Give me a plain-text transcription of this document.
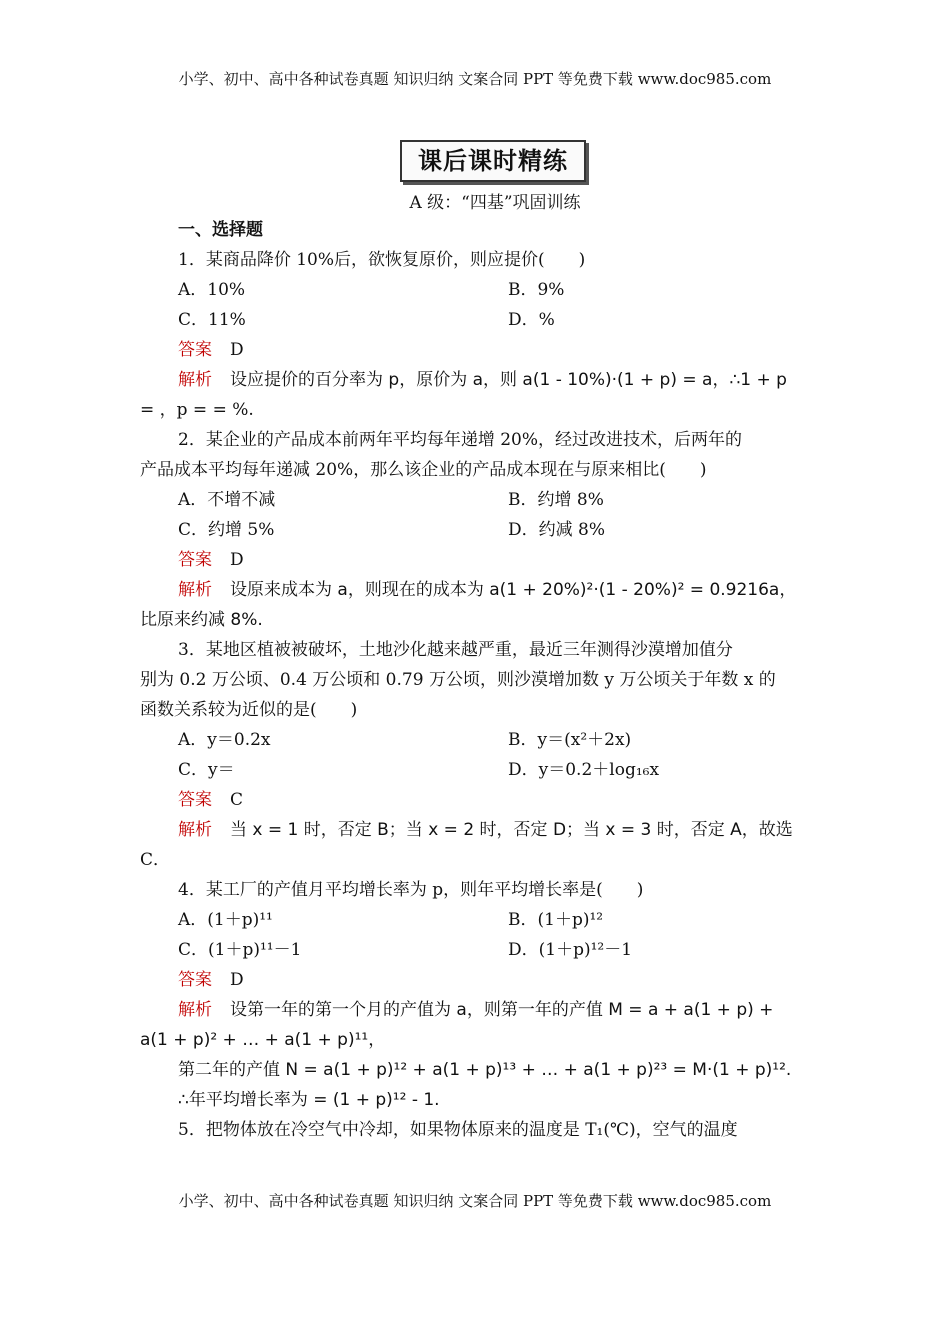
小学、初中、高中各种试卷真题 知识归纳 文案合同 PPT 等免费下载 www.doc985.com
课后课时精练
A 级：“四基”巩固训练
一、选择题
1．某商品降价 10%后，欲恢复原价，则应提价(　　)
A．10%	B．9%
C．11%	D．%
答案 D
解析 设应提价的百分率为 p，原价为 a，则 a(1 - 10%)·(1 + p) = a，∴1 + p
= ，p = = %.
2．某企业的产品成本前两年平均每年递增 20%，经过改进技术，后两年的
产品成本平均每年递减 20%，那么该企业的产品成本现在与原来相比(　　)
A．不增不减	B．约增 8%
C．约增 5%	D．约减 8%
答案 D
解析 设原来成本为 a，则现在的成本为 a(1 + 20%)²·(1 - 20%)² = 0.9216a，
比原来约减 8%.
3．某地区植被被破坏，土地沙化越来越严重，最近三年测得沙漠增加值分
别为 0.2 万公顷、0.4 万公顷和 0.79 万公顷，则沙漠增加数 y 万公顷关于年数 x 的
函数关系较为近似的是(　　)
A．y＝0.2x	B．y＝(x²＋2x)
C．y＝	D．y＝0.2＋log₁₆x
答案 C
解析 当 x = 1 时，否定 B；当 x = 2 时，否定 D；当 x = 3 时，否定 A，故选
C．
4．某工厂的产值月平均增长率为 p，则年平均增长率是(　　)
A．(1＋p)¹¹	B．(1＋p)¹²
C．(1＋p)¹¹－1	D．(1＋p)¹²－1
答案 D
解析 设第一年的第一个月的产值为 a，则第一年的产值 M = a + a(1 + p) +
a(1 + p)² + … + a(1 + p)¹¹，
第二年的产值 N = a(1 + p)¹² + a(1 + p)¹³ + … + a(1 + p)²³ = M·(1 + p)¹².
∴年平均增长率为 = (1 + p)¹² - 1.
5．把物体放在冷空气中冷却，如果物体原来的温度是 T₁(℃)，空气的温度
小学、初中、高中各种试卷真题 知识归纳 文案合同 PPT 等免费下载 www.doc985.com
